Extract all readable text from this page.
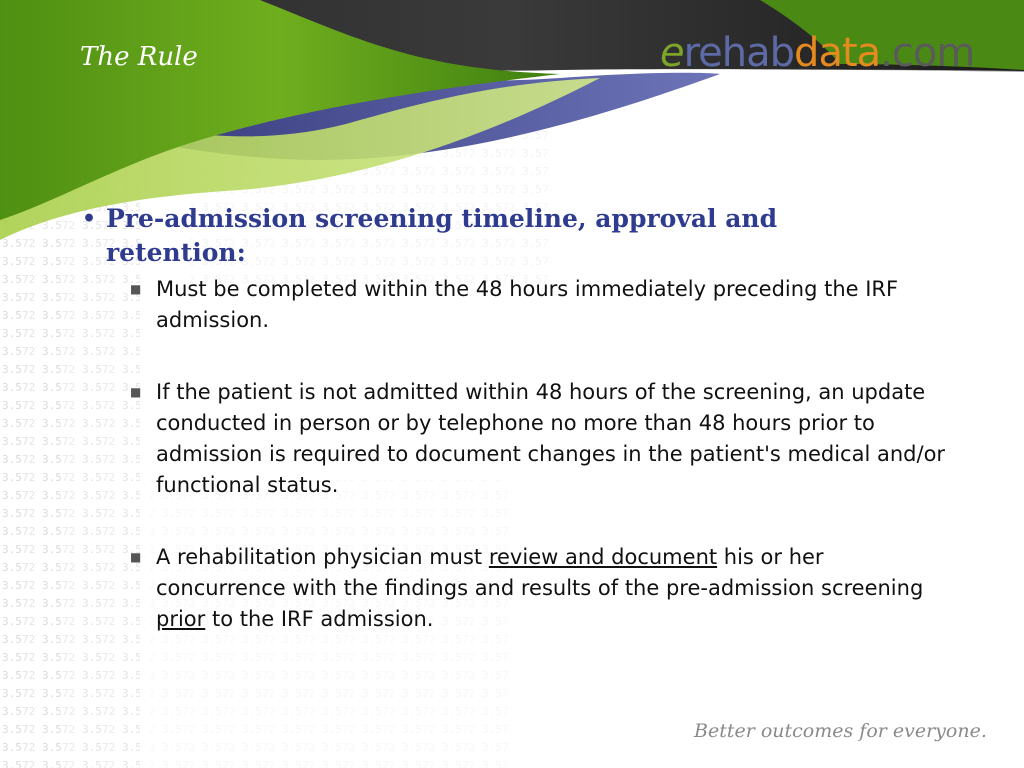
The Rule	erehabdata.com
• Pre-admission screening timeline, approval and retention:
■ Must be completed within the 48 hours immediately preceding the IRF admission.
■ If the patient is not admitted within 48 hours of the screening, an update conducted in person or by telephone no more than 48 hours prior to admission is required to document changes in the patient's medical and/or functional status.
■ A rehabilitation physician must review and document his or her concurrence with the findings and results of the pre-admission screening prior to the IRF admission.
Better outcomes for everyone.
